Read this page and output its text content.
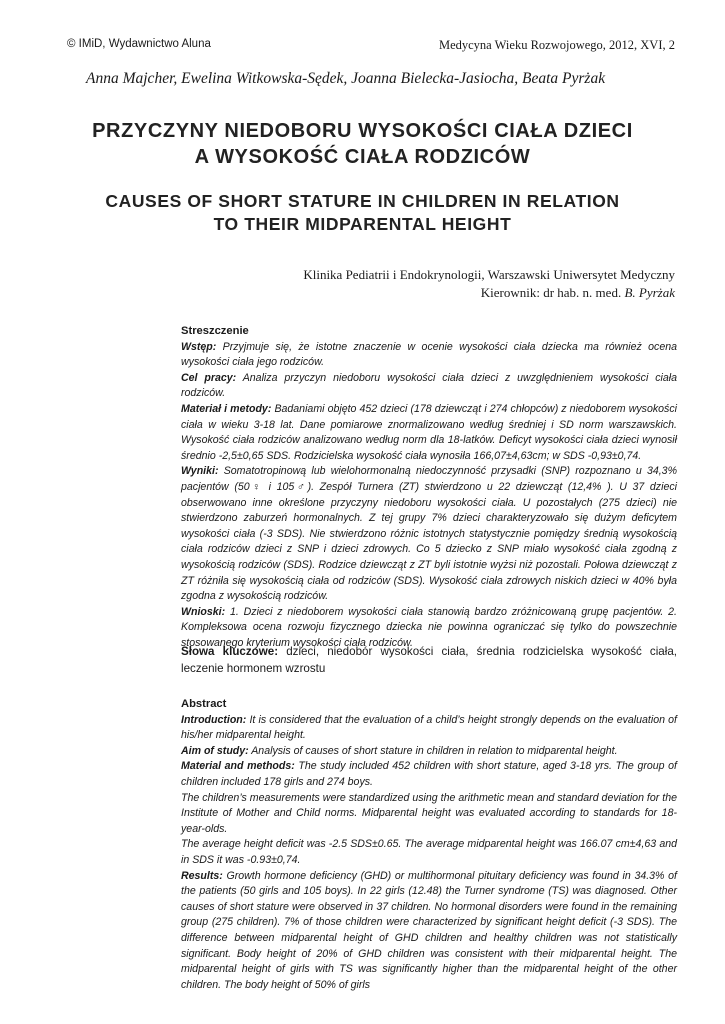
© IMiD, Wydawnictwo Aluna	Medycyna Wieku Rozwojowego, 2012, XVI, 2
Anna Majcher, Ewelina Witkowska-Sędek, Joanna Bielecka-Jasiocha, Beata Pyrżak
PRZYCZYNY NIEDOBORU WYSOKOŚCI CIAŁA DZIECI
A WYSOKOŚĆ CIAŁA RODZICÓW
CAUSES OF SHORT STATURE IN CHILDREN IN RELATION
TO THEIR MIDPARENTAL HEIGHT
Klinika Pediatrii i Endokrynologii, Warszawski Uniwersytet Medyczny
Kierownik: dr hab. n. med. B. Pyrżak
Streszczenie

Wstęp: Przyjmuje się, że istotne znaczenie w ocenie wysokości ciała dziecka ma również ocena wysokości ciała jego rodziców.

Cel pracy: Analiza przyczyn niedoboru wysokości ciała dzieci z uwzględnieniem wysokości ciała rodziców.

Materiał i metody: Badaniami objęto 452 dzieci (178 dziewcząt i 274 chłopców) z niedoborem wysokości ciała w wieku 3-18 lat. Dane pomiarowe znormalizowano według średniej i SD norm warszawskich. Wysokość ciała rodziców analizowano według norm dla 18-latków. Deficyt wysokości ciała dzieci wynosił średnio -2,5±0,65 SDS. Rodzicielska wysokość ciała wynosiła 166,07±4,63cm; w SDS -0,93±0,74.

Wyniki: Somatotropinową lub wielohormonalną niedoczynność przysadki (SNP) rozpoznano u 34,3% pacjentów (50♀ i 105♂). Zespół Turnera (ZT) stwierdzono u 22 dziewcząt (12,4% ). U 37 dzieci obserwowano inne określone przyczyny niedoboru wysokości ciała. U pozostałych (275 dzieci) nie stwierdzono zaburzeń hormonalnych. Z tej grupy 7% dzieci charakteryzowało się dużym deficytem wysokości ciała (-3 SDS). Nie stwierdzono różnic istotnych statystycznie pomiędzy średnią wysokością ciała rodziców dzieci z SNP i dzieci zdrowych. Co 5 dziecko z SNP miało wysokość ciała zgodną z wysokością rodziców (SDS). Rodzice dziewcząt z ZT byli istotnie wyżsi niż pozostali. Połowa dziewcząt z ZT różniła się wysokością ciała od rodziców (SDS). Wysokość ciała zdrowych niskich dzieci w 40% była zgodna z wysokością rodziców.

Wnioski: 1. Dzieci z niedoborem wysokości ciała stanowią bardzo zróżnicowaną grupę pacjentów. 2. Kompleksowa ocena rozwoju fizycznego dziecka nie powinna ograniczać się tylko do powszechnie stosowanego kryterium wysokości ciała rodziców.

Słowa kluczowe: dzieci, niedobór wysokości ciała, średnia rodzicielska wysokość ciała, leczenie hormonem wzrostu

Abstract

Introduction: It is considered that the evaluation of a child’s height strongly depends on the evaluation of his/her midparental height.

Aim of study: Analysis of causes of short stature in children in relation to midparental height.

Material and methods: The study included 452 children with short stature, aged 3-18 yrs. The group of children included 178 girls and 274 boys.

The children’s measurements were standardized using the arithmetic mean and standard deviation for the Institute of Mother and Child norms. Midparental height was evaluated according to standards for 18-year-olds.

The average height deficit was -2.5 SDS±0.65. The average midparental height was 166.07 cm±4,63 and in SDS it was -0.93±0,74.

Results: Growth hormone deficiency (GHD) or multihormonal pituitary deficiency was found in 34.3% of the patients (50 girls and 105 boys). In 22 girls (12.48) the Turner syndrome (TS) was diagnosed. Other causes of short stature were observed in 37 children. No hormonal disorders were found in the remaining group (275 children). 7% of those children were characterized by significant height deficit (-3 SDS). The difference between midparental height of GHD children and healthy children was not statistically significant. Body height of 20% of GHD children was consistent with their midparental height. The midparental height of girls with TS was significantly higher than the midparental height of the other children. The body height of 50% of girls
